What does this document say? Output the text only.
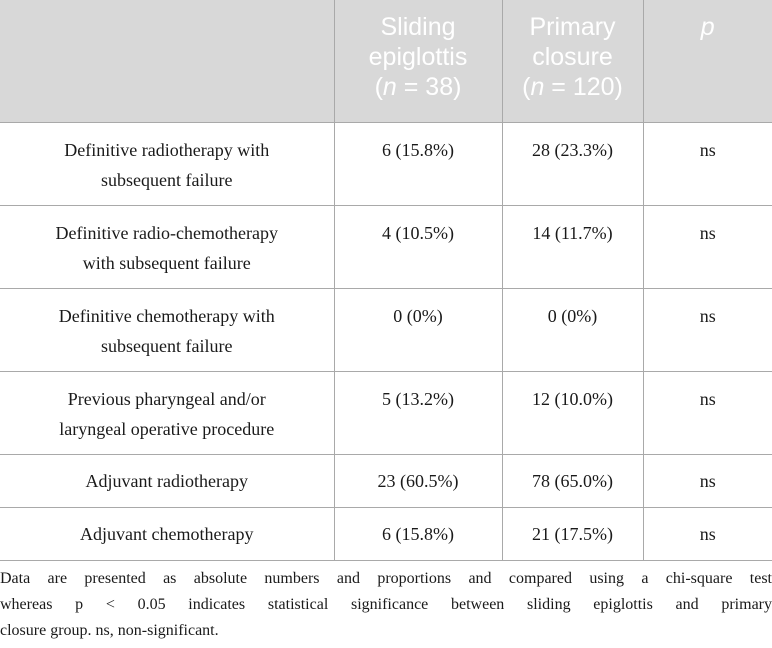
	Sliding
epiglottis
(n = 38)	Primary
closure
(n = 120)	p

Definitive radiotherapy with
subsequent failure	6 (15.8%)	28 (23.3%)	ns

Definitive radio-chemotherapy
with subsequent failure	4 (10.5%)	14 (11.7%)	ns

Definitive chemotherapy with
subsequent failure	0 (0%)	0 (0%)	ns

Previous pharyngeal and/or
laryngeal operative procedure	5 (13.2%)	12 (10.0%)	ns

Adjuvant radiotherapy	23 (60.5%)	78 (65.0%)	ns

Adjuvant chemotherapy	6 (15.8%)	21 (17.5%)	ns

Data are presented as absolute numbers and proportions and compared using a chi-square test
whereas p < 0.05 indicates statistical significance between sliding epiglottis and primary
closure group. ns, non-significant.
